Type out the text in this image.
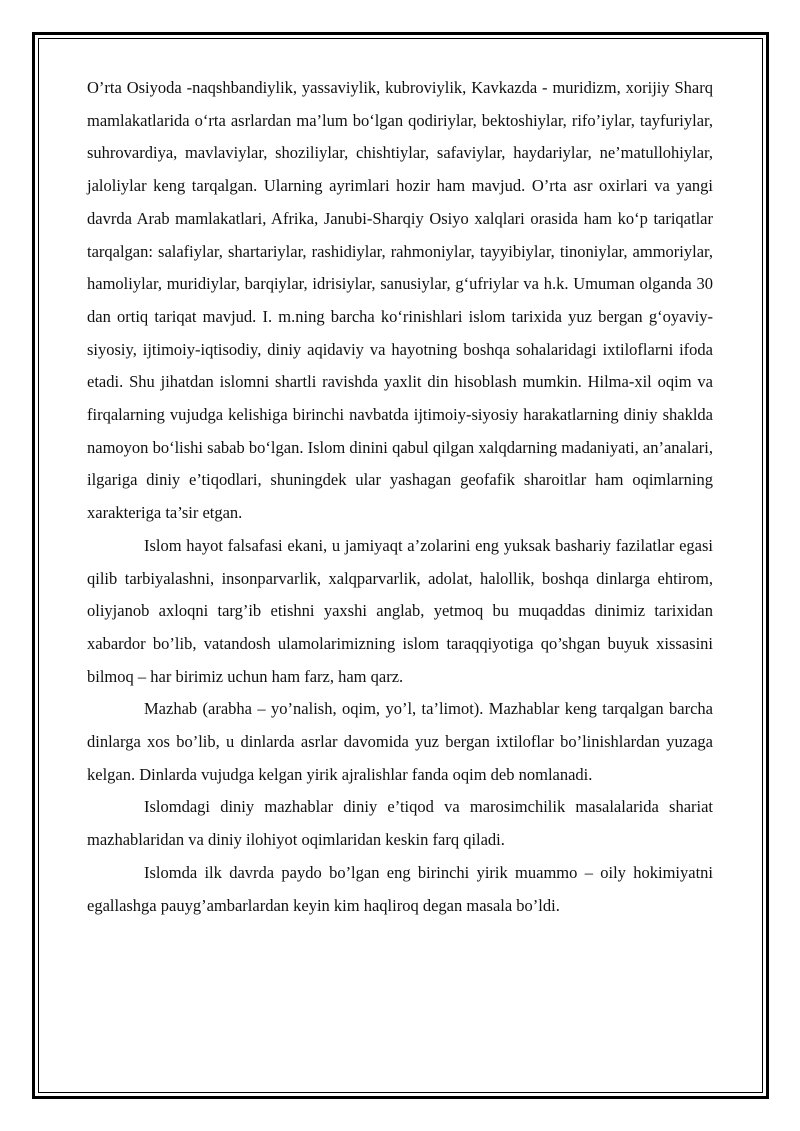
O’rta Osiyoda -naqshbandiylik, yassaviylik, kubroviylik, Kavkazda - muridizm, xorijiy Sharq mamlakatlarida o‘rta asrlardan ma’lum bo‘lgan qodiriylar, bektoshiylar, rifo’iylar, tayfuriylar, suhrovardiya, mavlaviylar, shoziliylar, chishtiylar, safaviylar, haydariylar, ne’matullohiylar, jaloliylar keng tarqalgan. Ularning ayrimlari hozir ham mavjud. O’rta asr oxirlari va yangi davrda Arab mamlakatlari, Afrika, Janubi-Sharqiy Osiyo xalqlari orasida ham ko‘p tariqatlar tarqalgan: salafiylar, shartariylar, rashidiylar, rahmoniylar, tayyibiylar, tinoniylar, ammoriylar, hamoliylar, muridiylar, barqiylar, idrisiylar, sanusiylar, g‘ufriylar va h.k. Umuman olganda 30 dan ortiq tariqat mavjud. I. m.ning barcha ko‘rinishlari islom tarixida yuz bergan g‘oyaviy-siyosiy, ijtimoiy-iqtisodiy, diniy aqidaviy va hayotning boshqa sohalaridagi ixtiloflarni ifoda etadi. Shu jihatdan islomni shartli ravishda yaxlit din hisoblash mumkin. Hilma-xil oqim va firqalarning vujudga kelishiga birinchi navbatda ijtimoiy-siyosiy harakatlarning diniy shaklda namoyon bo‘lishi sabab bo‘lgan. Islom dinini qabul qilgan xalqdarning madaniyati, an’analari, ilgariga diniy e’tiqodlari, shuningdek ular yashagan geofafik sharoitlar ham oqimlarning xarakteriga ta’sir etgan.

Islom hayot falsafasi ekani, u jamiyaqt a’zolarini eng yuksak bashariy fazilatlar egasi qilib tarbiyalashni, insonparvarlik, xalqparvarlik, adolat, halollik, boshqa dinlarga ehtirom, oliyjanob axloqni targ’ib etishni yaxshi anglab, yetmoq bu muqaddas dinimiz tarixidan xabardor bo’lib, vatandosh ulamolarimizning islom taraqqiyotiga qo’shgan buyuk xissasini bilmoq – har birimiz uchun ham farz, ham qarz.

Mazhab (arabha – yo’nalish, oqim, yo’l, ta’limot). Mazhablar keng tarqalgan barcha dinlarga xos bo’lib, u dinlarda asrlar davomida yuz bergan ixtiloflar bo’linishlardan yuzaga kelgan. Dinlarda vujudga kelgan yirik ajralishlar fanda oqim deb nomlanadi.

Islomdagi diniy mazhablar diniy e’tiqod va marosimchilik masalalarida shariat mazhablaridan va diniy ilohiyot oqimlaridan keskin farq qiladi.

Islomda ilk davrda paydo bo’lgan eng birinchi yirik muammo – oily hokimiyatni egallashga pauyg’ambarlardan keyin kim haqliroq degan masala bo’ldi.
